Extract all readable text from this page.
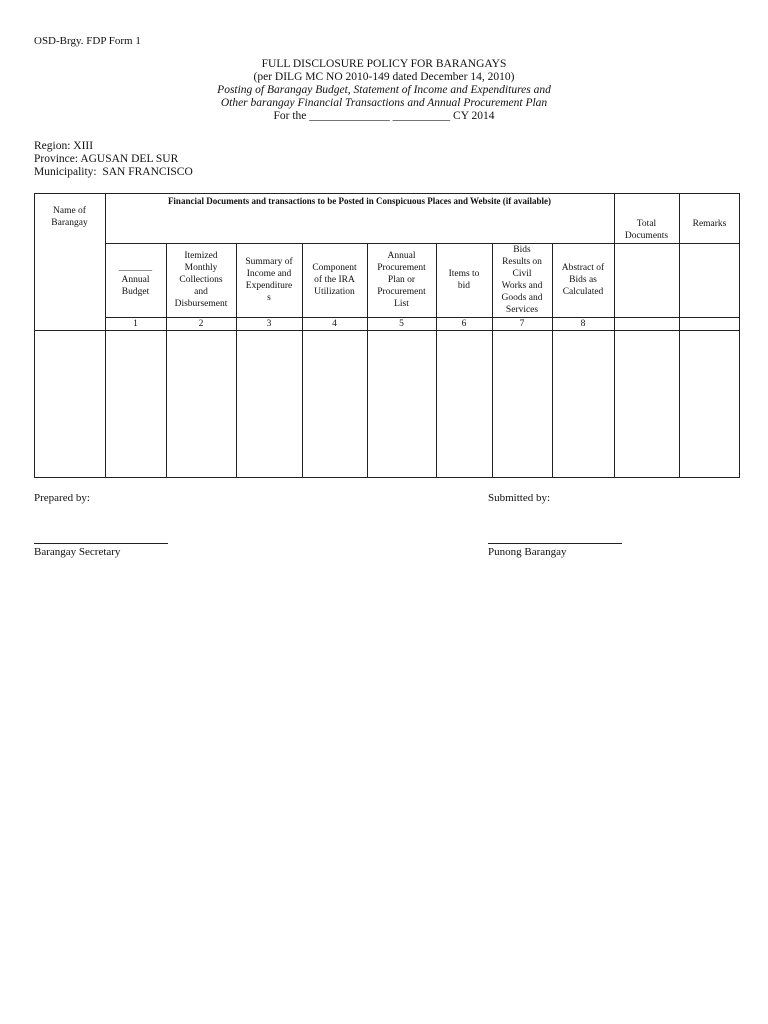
OSD-Brgy. FDP Form 1
FULL DISCLOSURE POLICY FOR BARANGAYS
(per DILG MC NO 2010-149 dated December 14, 2010)
Posting of Barangay Budget, Statement of Income and Expenditures and
Other barangay Financial Transactions and Annual Procurement Plan
For the ______________ __________ CY 2014
Region: XIII
Province: AGUSAN DEL SUR
Municipality:  SAN FRANCISCO
Name of
Barangay
Financial Documents and transactions to be Posted in Conspicuous Places and Website (if available)
Total
Documents
Remarks
_______
Annual
Budget
1
Itemized
Monthly
Collections
and
Disbursement
2
Summary of
Income and
Expenditure
s
3
Component
of the IRA
Utilization
4
Annual
Procurement
Plan or
Procurement
List
5
Items to
bid
6
Bids
Results on
Civil
Works and
Goods and
Services
7
Abstract of
Bids as
Calculated
8
Prepared by:	Submitted by:
Barangay Secretary	Punong Barangay
